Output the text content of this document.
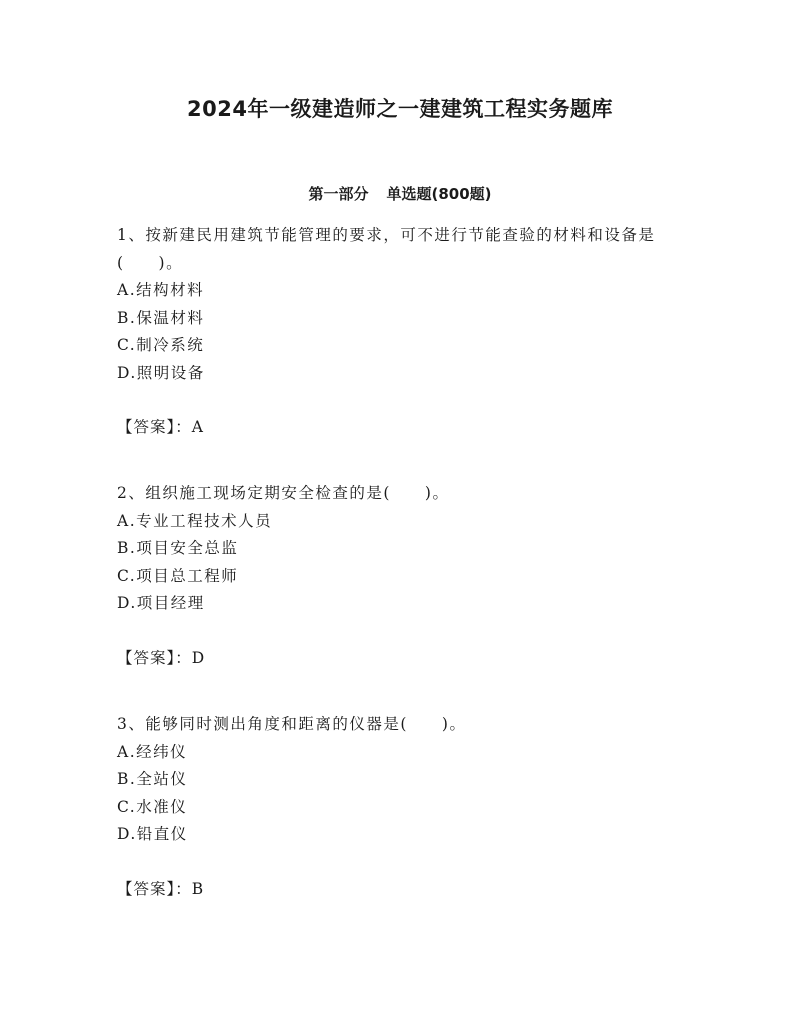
2024年一级建造师之一建建筑工程实务题库
第一部分 单选题(800题)
1、按新建民用建筑节能管理的要求，可不进行节能查验的材料和设备是(　　)。
A.结构材料
B.保温材料
C.制冷系统
D.照明设备
【答案】：A
2、组织施工现场定期安全检查的是(　　)。
A.专业工程技术人员
B.项目安全总监
C.项目总工程师
D.项目经理
【答案】：D
3、能够同时测出角度和距离的仪器是(　　)。
A.经纬仪
B.全站仪
C.水准仪
D.铅直仪
【答案】：B
